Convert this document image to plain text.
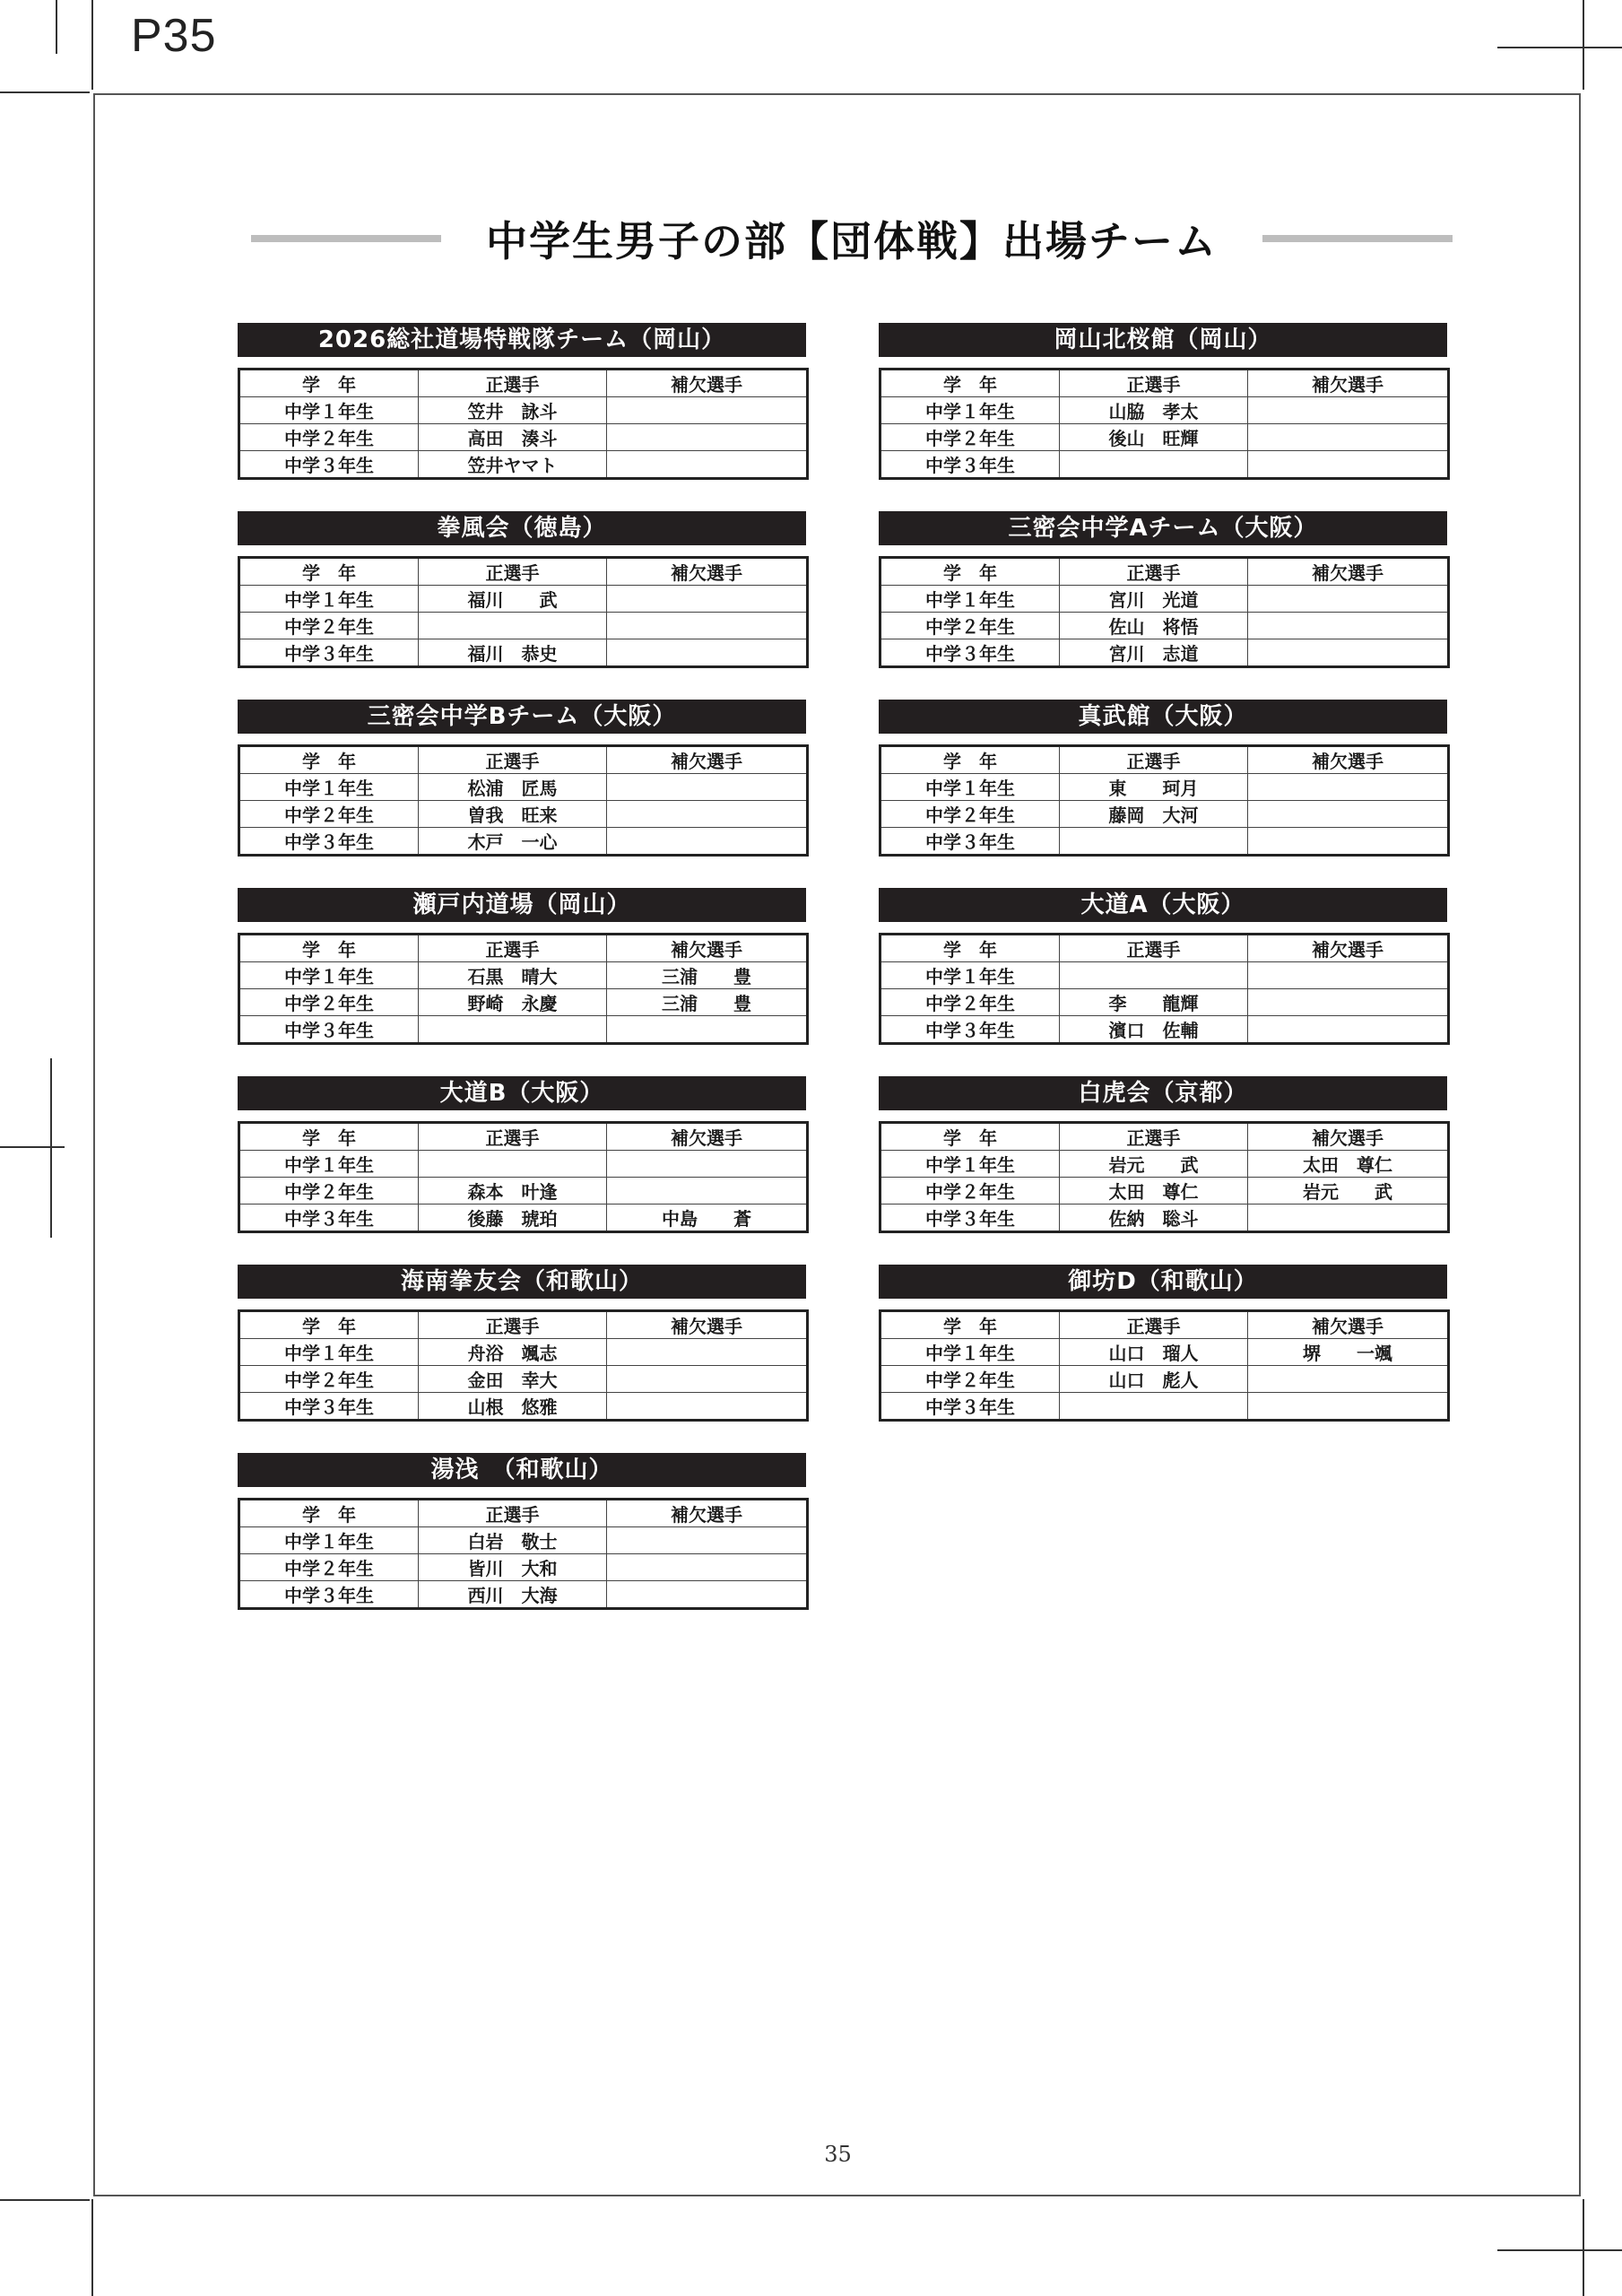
P35
中学生男子の部【団体戦】出場チーム
2026総社道場特戦隊チーム（岡山）
学　年	正選手	補欠選手
中学１年生	笠井　詠斗	
中学２年生	高田　湊斗	
中学３年生	笠井ヤマト	
岡山北桜館（岡山）
学　年	正選手	補欠選手
中学１年生	山脇　孝太	
中学２年生	後山　旺輝	
中学３年生		
拳風会（徳島）
学　年	正選手	補欠選手
中学１年生	福川　　武	
中学２年生		
中学３年生	福川　恭史	
三密会中学Aチーム（大阪）
学　年	正選手	補欠選手
中学１年生	宮川　光道	
中学２年生	佐山　将悟	
中学３年生	宮川　志道	
三密会中学Bチーム（大阪）
学　年	正選手	補欠選手
中学１年生	松浦　匠馬	
中学２年生	曽我　旺来	
中学３年生	木戸　一心	
真武館（大阪）
学　年	正選手	補欠選手
中学１年生	東　　珂月	
中学２年生	藤岡　大河	
中学３年生		
瀬戸内道場（岡山）
学　年	正選手	補欠選手
中学１年生	石黒　晴大	三浦　　豊
中学２年生	野崎　永慶	三浦　　豊
中学３年生		
大道A（大阪）
学　年	正選手	補欠選手
中学１年生		
中学２年生	李　　龍輝	
中学３年生	濱口　佐輔	
大道B（大阪）
学　年	正選手	補欠選手
中学１年生		
中学２年生	森本　叶逢	
中学３年生	後藤　琥珀	中島　　蒼
白虎会（京都）
学　年	正選手	補欠選手
中学１年生	岩元　　武	太田　尊仁
中学２年生	太田　尊仁	岩元　　武
中学３年生	佐納　聡斗	
海南拳友会（和歌山）
学　年	正選手	補欠選手
中学１年生	舟浴　颯志	
中学２年生	金田　幸大	
中学３年生	山根　悠雅	
御坊D（和歌山）
学　年	正選手	補欠選手
中学１年生	山口　瑠人	堺　　一颯
中学２年生	山口　彪人	
中学３年生		
湯浅　（和歌山）
学　年	正選手	補欠選手
中学１年生	白岩　敬士	
中学２年生	皆川　大和	
中学３年生	西川　大海	
35
